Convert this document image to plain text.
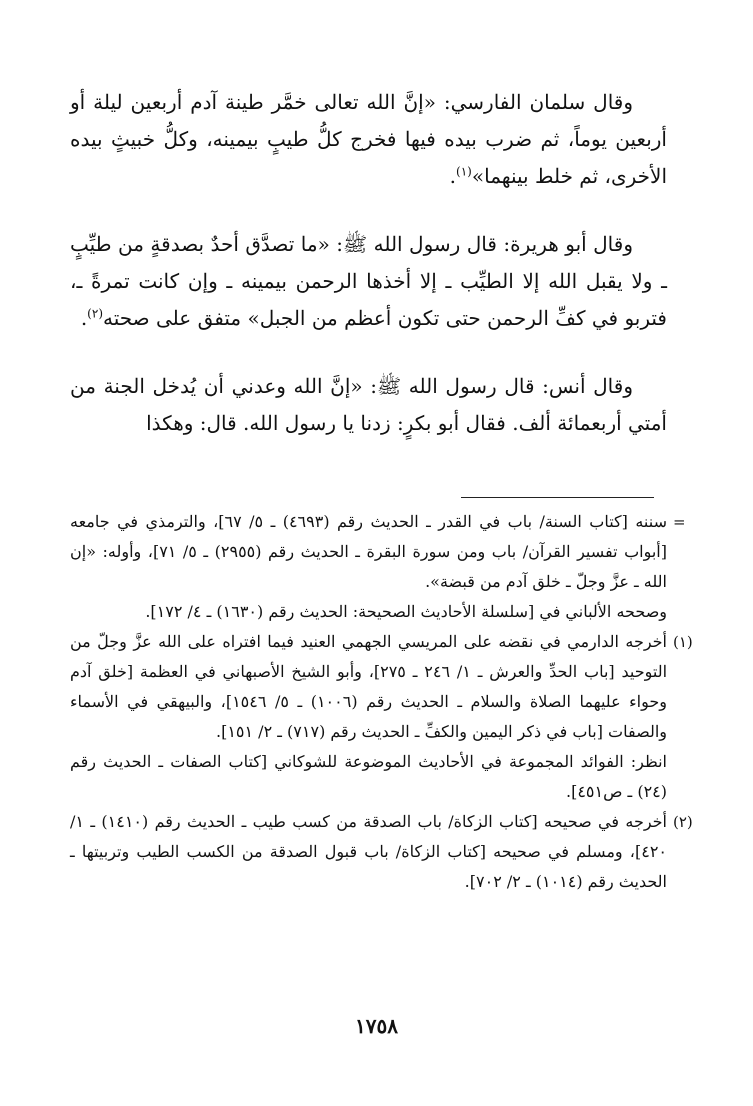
وقال سلمان الفارسي: «إنَّ الله تعالى خمَّر طينة آدم أربعين ليلة أو أربعين يوماً، ثم ضرب بيده فيها فخرج كلُّ طيبٍ بيمينه، وكلُّ خبيثٍ بيده الأخرى، ثم خلط بينهما»$^{(١)}$.

وقال أبو هريرة: قال رسول الله ﷺ: «ما تصدَّق أحدٌ بصدقةٍ من طيِّبٍ ـ ولا يقبل الله إلا الطيِّب ـ إلا أخذها الرحمن بيمينه ـ وإن كانت تمرةً ـ، فتربو في كفِّ الرحمن حتى تكون أعظم من الجبل» متفق على صحته$^{(٢)}$.

وقال أنس: قال رسول الله ﷺ: «إنَّ الله وعدني أن يُدخل الجنة من أمتي أربعمائة ألف. فقال أبو بكرٍ: زدنا يا رسول الله. قال: وهكذا

=

سننه [كتاب السنة/ باب في القدر ـ الحديث رقم (٤٦٩٣) ـ ٥/ ٦٧]، والترمذي في جامعه [أبواب تفسير القرآن/ باب ومن سورة البقرة ـ الحديث رقم (٢٩٥٥) ـ ٥/ ٧١]، وأوله: «إن الله ـ عزَّ وجلّ ـ خلق آدم من قبضة».

وصححه الألباني في [سلسلة الأحاديث الصحيحة: الحديث رقم (١٦٣٠) ـ ٤/ ١٧٢].

(١)

أخرجه الدارمي في نقضه على المريسي الجهمي العنيد فيما افتراه على الله عزَّ وجلّ من التوحيد [باب الحدِّ والعرش ـ ١/ ٢٤٦ ـ ٢٧٥]، وأبو الشيخ الأصبهاني في العظمة [خلق آدم وحواء عليهما الصلاة والسلام ـ الحديث رقم (١٠٠٦) ـ ٥/ ١٥٤٦]، والبيهقي في الأسماء والصفات [باب في ذكر اليمين والكفِّ ـ الحديث رقم (٧١٧) ـ ٢/ ١٥١].

انظر: الفوائد المجموعة في الأحاديث الموضوعة للشوكاني [كتاب الصفات ـ الحديث رقم (٢٤) ـ ص٤٥١].

(٢)

أخرجه في صحيحه [كتاب الزكاة/ باب الصدقة من كسب طيب ـ الحديث رقم (١٤١٠) ـ ١/ ٤٢٠]، ومسلم في صحيحه [كتاب الزكاة/ باب قبول الصدقة من الكسب الطيب وتربيتها ـ الحديث رقم (١٠١٤) ـ ٢/ ٧٠٢].

١٧٥٨
